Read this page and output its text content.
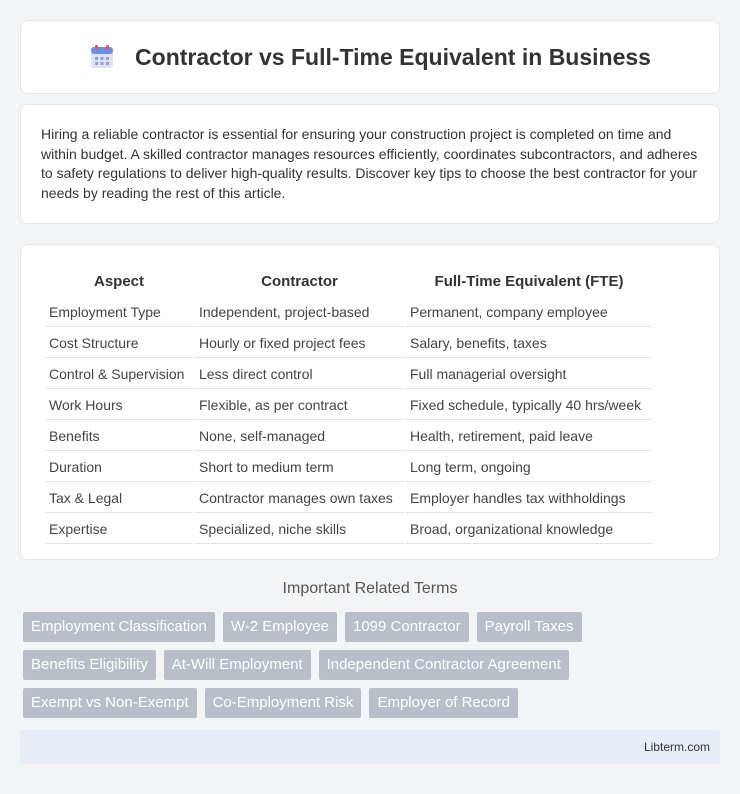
Contractor vs Full-Time Equivalent in Business

Hiring a reliable contractor is essential for ensuring your construction project is completed on time and within budget. A skilled contractor manages resources efficiently, coordinates subcontractors, and adheres to safety regulations to deliver high-quality results. Discover key tips to choose the best contractor for your needs by reading the rest of this article.

Aspect	Contractor	Full-Time Equivalent (FTE)
Employment Type	Independent, project-based	Permanent, company employee
Cost Structure	Hourly or fixed project fees	Salary, benefits, taxes
Control & Supervision	Less direct control	Full managerial oversight
Work Hours	Flexible, as per contract	Fixed schedule, typically 40 hrs/week
Benefits	None, self-managed	Health, retirement, paid leave
Duration	Short to medium term	Long term, ongoing
Tax & Legal	Contractor manages own taxes	Employer handles tax withholdings
Expertise	Specialized, niche skills	Broad, organizational knowledge
Important Related Terms
Employment Classification	W-2 Employee	1099 Contractor	Payroll Taxes
Benefits Eligibility	At-Will Employment	Independent Contractor Agreement
Exempt vs Non-Exempt	Co-Employment Risk	Employer of Record
Libterm.com
